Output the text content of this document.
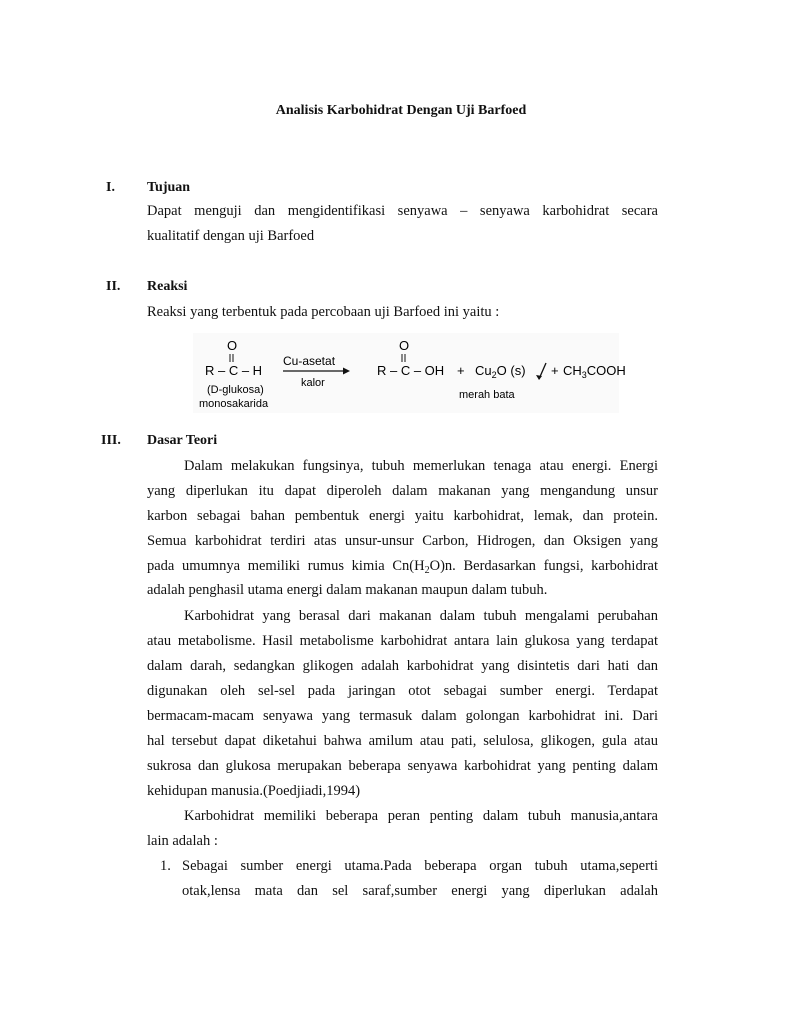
Analisis Karbohidrat Dengan Uji Barfoed
I. Tujuan
Dapat menguji dan mengidentifikasi senyawa – senyawa karbohidrat secara
kualitatif dengan uji Barfoed
II. Reaksi
Reaksi yang terbentuk pada percobaan uji Barfoed ini yaitu :
O
R – C – H
(D-glukosa)
monosakarida
Cu-asetat
kalor
O
R – C – OH + $Cu_2O$ $(s) + CH_3COOH$
merah bata
III. Dasar Teori
Dalam melakukan fungsinya, tubuh memerlukan tenaga atau energi. Energi
yang diperlukan itu dapat diperoleh dalam makanan yang mengandung unsur
karbon sebagai bahan pembentuk energi yaitu karbohidrat, lemak, dan protein.
Semua karbohidrat terdiri atas unsur-unsur Carbon, Hidrogen, dan Oksigen yang
pada umumnya memiliki rumus kimia $Cn(H_2O)n$. Berdasarkan fungsi, karbohidrat
adalah penghasil utama energi dalam makanan maupun dalam tubuh.
Karbohidrat yang berasal dari makanan dalam tubuh mengalami perubahan
atau metabolisme. Hasil metabolisme karbohidrat antara lain glukosa yang terdapat
dalam darah, sedangkan glikogen adalah karbohidrat yang disintetis dari hati dan
digunakan oleh sel-sel pada jaringan otot sebagai sumber energi. Terdapat
bermacam-macam senyawa yang termasuk dalam golongan karbohidrat ini. Dari
hal tersebut dapat diketahui bahwa amilum atau pati, selulosa, glikogen, gula atau
sukrosa dan glukosa merupakan beberapa senyawa karbohidrat yang penting dalam
kehidupan manusia.(Poedjiadi,1994)
Karbohidrat memiliki beberapa peran penting dalam tubuh manusia,antara
lain adalah :
1. Sebagai sumber energi utama.Pada beberapa organ tubuh utama,seperti
otak,lensa mata dan sel saraf,sumber energi yang diperlukan adalah
